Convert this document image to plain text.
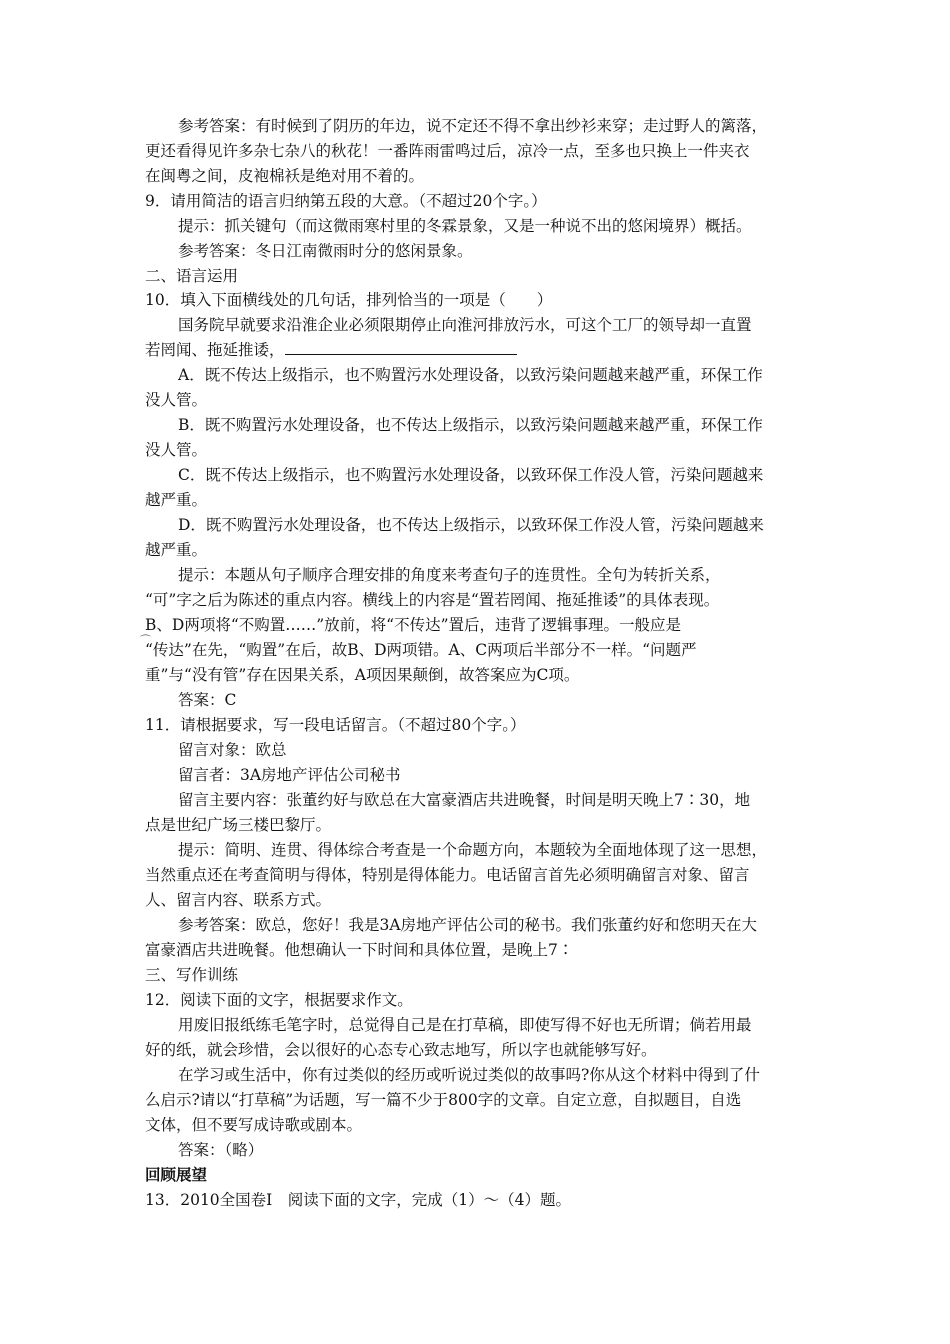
⌒
参考答案：有时候到了阴历的年边，说不定还不得不拿出纱衫来穿；走过野人的篱落，
更还看得见许多杂七杂八的秋花！一番阵雨雷鸣过后，凉冷一点，至多也只换上一件夹衣
在闽粤之间，皮袍棉袄是绝对用不着的。
9．请用简洁的语言归纳第五段的大意。（不超过20个字。）
提示：抓关键句（而这微雨寒村里的冬霖景象，又是一种说不出的悠闲境界）概括。
参考答案：冬日江南微雨时分的悠闲景象。
二、语言运用
10．填入下面横线处的几句话，排列恰当的一项是（　　）
国务院早就要求沿淮企业必须限期停止向淮河排放污水，可这个工厂的领导却一直置
若罔闻、拖延推诿，
A．既不传达上级指示，也不购置污水处理设备，以致污染问题越来越严重，环保工作
没人管。
B．既不购置污水处理设备，也不传达上级指示，以致污染问题越来越严重，环保工作
没人管。
C．既不传达上级指示，也不购置污水处理设备，以致环保工作没人管，污染问题越来
越严重。
D．既不购置污水处理设备，也不传达上级指示，以致环保工作没人管，污染问题越来
越严重。
提示：本题从句子顺序合理安排的角度来考查句子的连贯性。全句为转折关系，
“可”字之后为陈述的重点内容。横线上的内容是“置若罔闻、拖延推诿”的具体表现。
B、D两项将“不购置……”放前，将“不传达”置后，违背了逻辑事理。一般应是
“传达”在先，“购置”在后，故B、D两项错。A、C两项后半部分不一样。“问题严
重”与“没有管”存在因果关系，A项因果颠倒，故答案应为C项。
答案：C
11．请根据要求，写一段电话留言。（不超过80个字。）
留言对象：欧总
留言者：3A房地产评估公司秘书
留言主要内容：张董约好与欧总在大富豪酒店共进晚餐，时间是明天晚上7∶30，地
点是世纪广场三楼巴黎厅。
提示：简明、连贯、得体综合考查是一个命题方向，本题较为全面地体现了这一思想，
当然重点还在考查简明与得体，特别是得体能力。电话留言首先必须明确留言对象、留言
人、留言内容、联系方式。
参考答案：欧总，您好！我是3A房地产评估公司的秘书。我们张董约好和您明天在大
富豪酒店共进晚餐。他想确认一下时间和具体位置，是晚上7∶
三、写作训练
12．阅读下面的文字，根据要求作文。
用废旧报纸练毛笔字时，总觉得自己是在打草稿，即使写得不好也无所谓；倘若用最
好的纸，就会珍惜，会以很好的心态专心致志地写，所以字也就能够写好。
在学习或生活中，你有过类似的经历或听说过类似的故事吗?你从这个材料中得到了什
么启示?请以“打草稿”为话题，写一篇不少于800字的文章。自定立意，自拟题目，自选
文体，但不要写成诗歌或剧本。
答案：（略）
回顾展望
13．2010全国卷Ⅰ　阅读下面的文字，完成（1）～（4）题。
